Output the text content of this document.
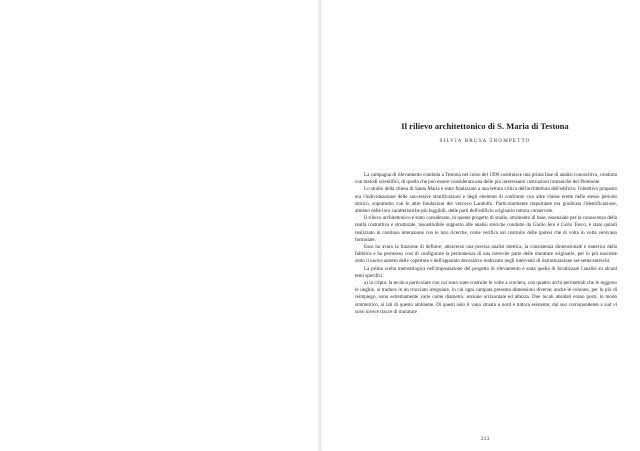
Il rilievo architettonico di S. Maria di Testona
SILVIA BRUSA TROMPETTO

La campagna di rilevamento condotta a Testona nel corso del 1996 costituisce una prima fase di analisi conoscitiva, condotta con metodi scientifici, di quella che può essere considerata una delle più interessanti costruzioni romaniche del Piemonte.

Lo studio della chiesa di Santa Maria è stato finalizzato a una lettura critica dell'architettura dell'edificio; l'obiettivo proposto era l'individuazione delle successive stratificazioni e degli elementi di confronto con altre chiese erette nello stesso periodo storico, soprattutto con le altre fondazioni del vescovo Landolfo. Particolarmente importante era giudicata l'identificazione, almeno nelle loro caratteristiche più leggibili, delle parti dell'edificio originario tuttora conservate.

Il rilievo architettonico è stato considerato, in questo progetto di studio, strumento di base, essenziale per la conoscenza della realtà costruttiva e strutturale, insostituibile supporto alle analisi storiche condotte da Giulio Ieni e Carlo Tosco; è stato quindi realizzato in continua interazione con le loro ricerche, come verifica sul costruito delle ipotesi che di volta in volta venivano formulate.

Esso ha avuto la funzione di definire, attraverso una precisa analisi metrica, la consistenza dimensionale e materica della fabbrica e ha permesso così di configurare la permanenza di una notevole parte delle murature originarie, per lo più nascoste sotto il nuovo assetto delle coperture e dell'apparato decorativo realizzato negli interventi di ristrutturazione sei-settecenteschi.

La prima scelta metodologica nell'impostazione del progetto di rilevamento è stata quella di focalizzare l'analisi su alcuni temi specifici:

a) la cripta: la tecnica particolare con cui sono state costruite le volte a crociera, con quattro archi perimetrali che le reggono le unghie, si traduce in un tracciato irregolare, in cui ogni campata presenta dimensioni diverse; anche le colonne, per lo più di reimpiego, sono estremamente varie come diametro, sezione orizzontale ed altezza. Due locali absidati erano posti, in modo simmetrico, ai lati di questo ambiente. Di questi solo il vano situato a nord è tuttora esistente; dal suo corrispondente a sud vi sono invece tracce di murature

213
